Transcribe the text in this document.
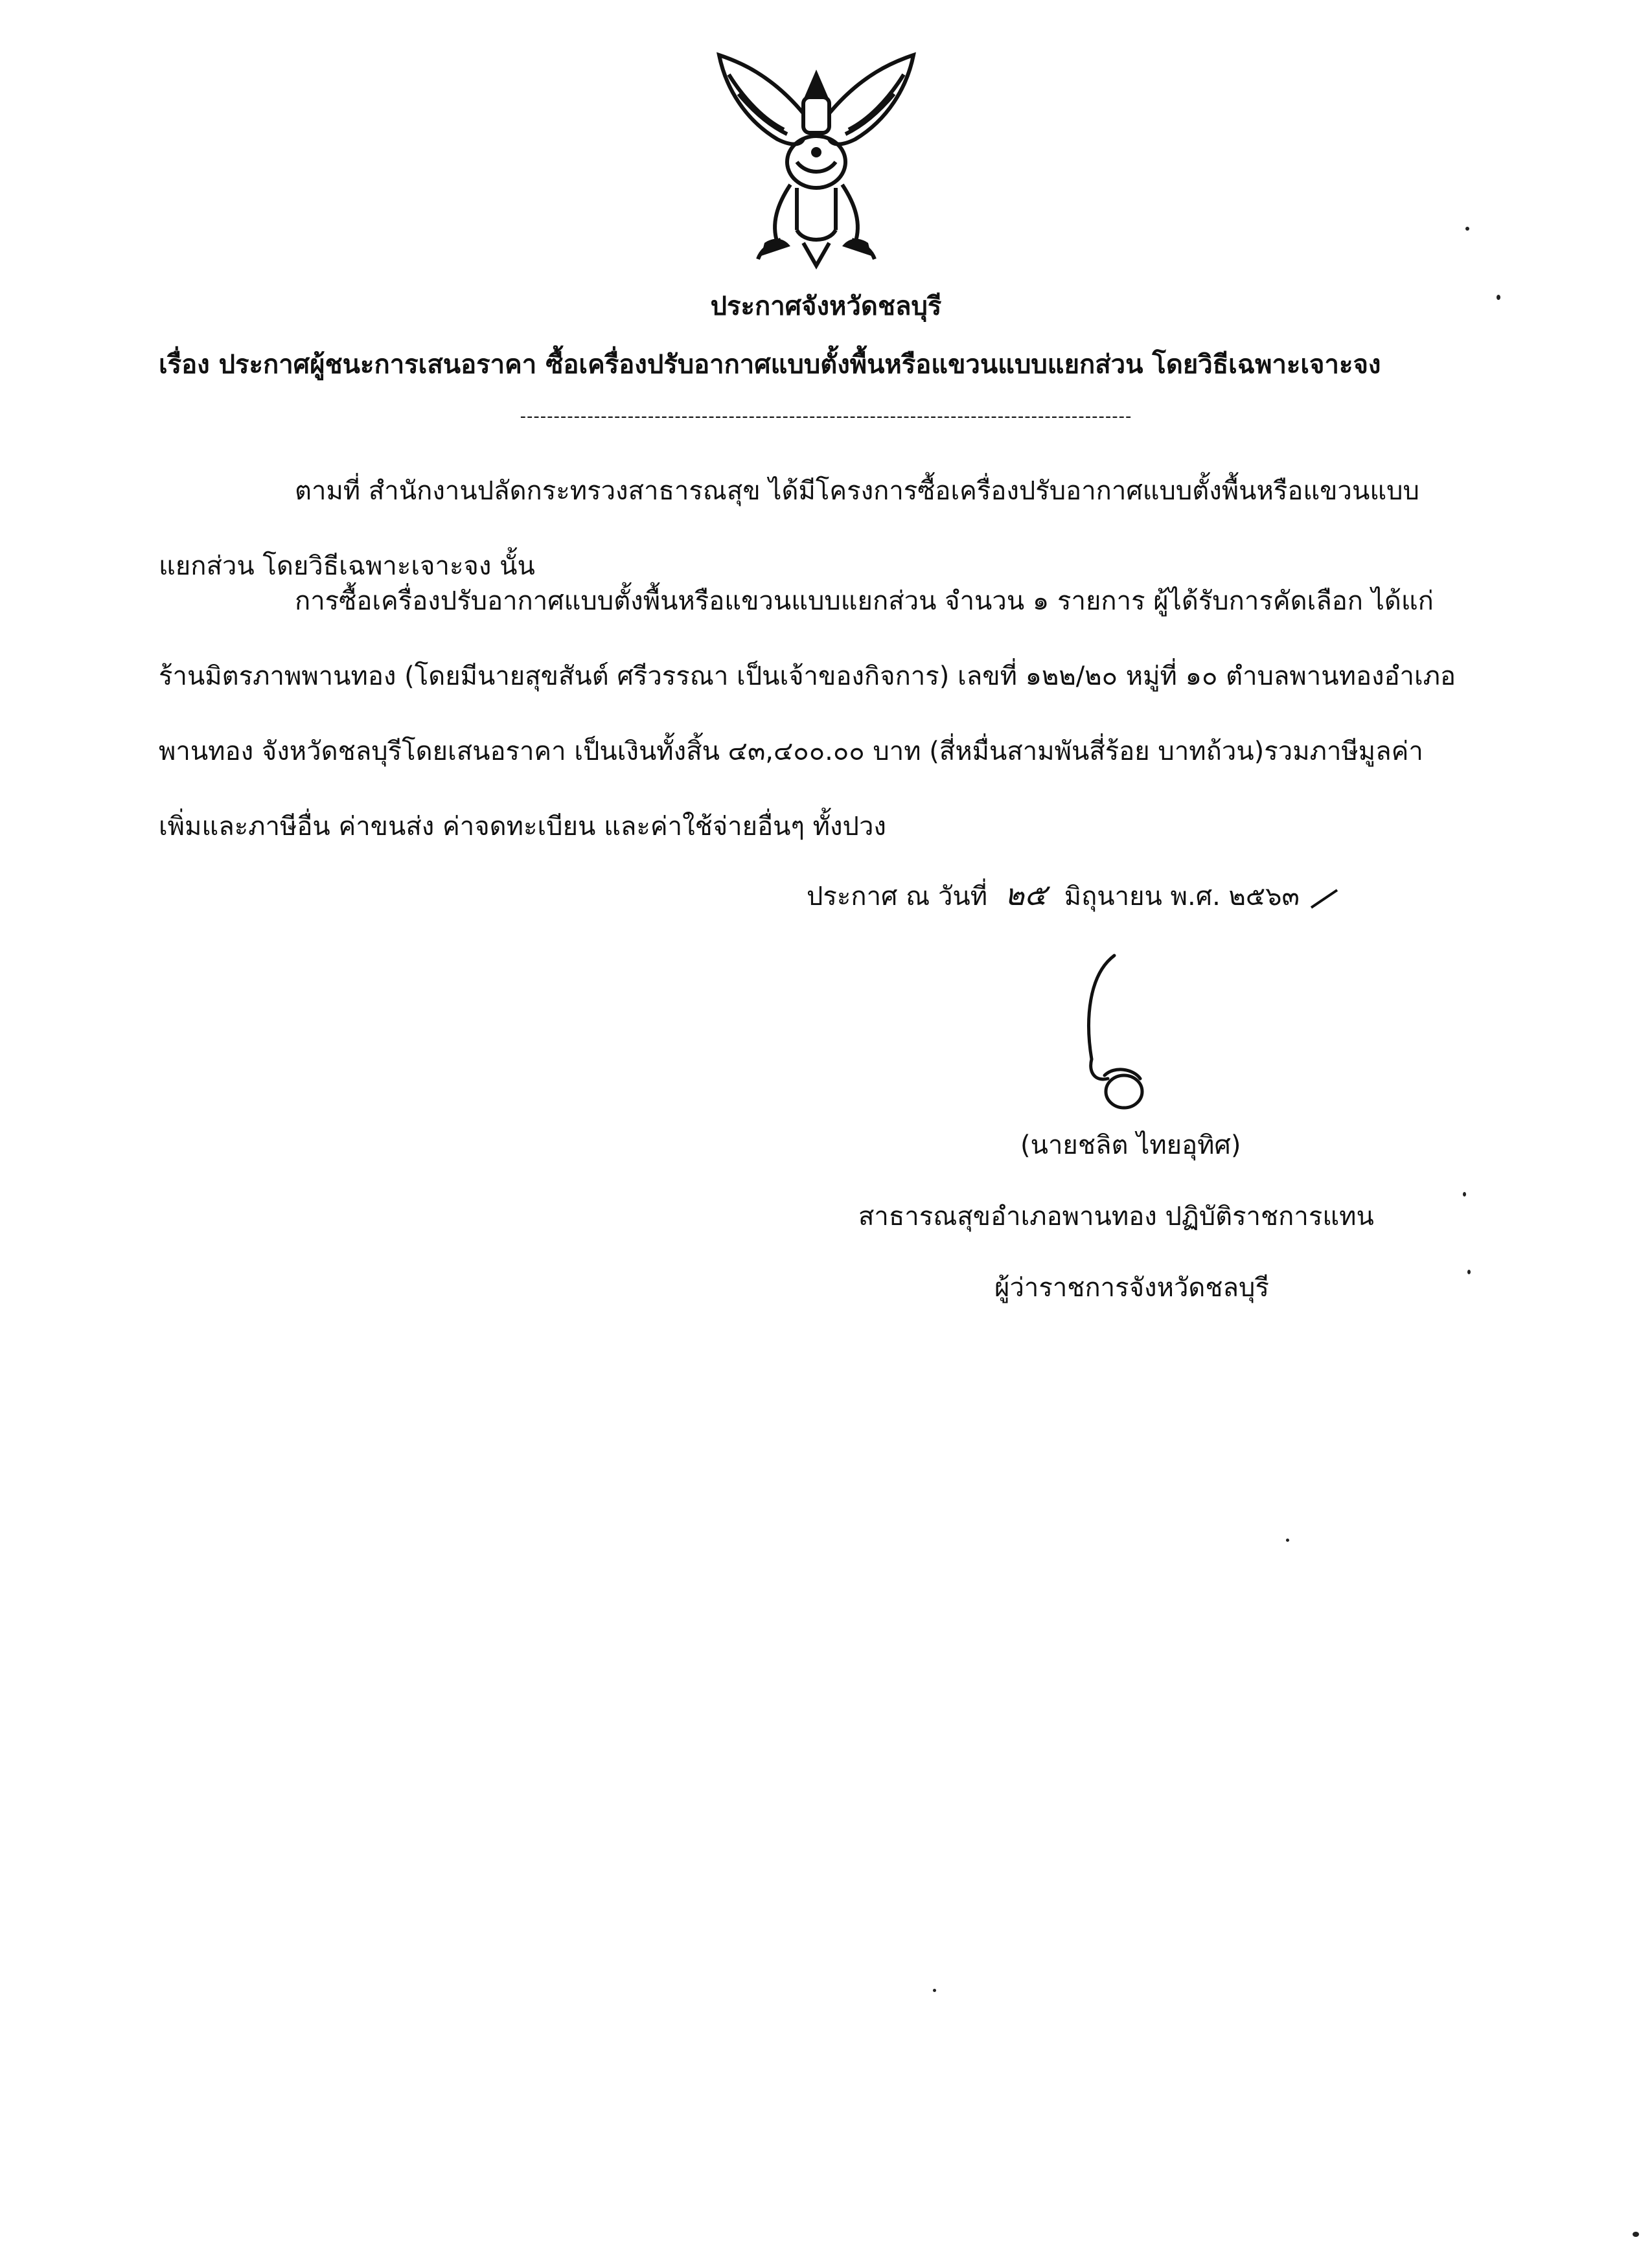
ประกาศจังหวัดชลบุรี
เรื่อง ประกาศผู้ชนะการเสนอราคา ซื้อเครื่องปรับอากาศแบบตั้งพื้นหรือแขวนแบบแยกส่วน โดยวิธีเฉพาะเจาะจง
-------------------------------------------------------------------------------------------
ตามที่ สำนักงานปลัดกระทรวงสาธารณสุข ได้มีโครงการซื้อเครื่องปรับอากาศแบบตั้งพื้นหรือแขวนแบบ แยกส่วน โดยวิธีเฉพาะเจาะจง นั้น
การซื้อเครื่องปรับอากาศแบบตั้งพื้นหรือแขวนแบบแยกส่วน จำนวน ๑ รายการ ผู้ได้รับการคัดเลือก ได้แก่ ร้านมิตรภาพพานทอง (โดยมีนายสุขสันต์ ศรีวรรณา เป็นเจ้าของกิจการ) เลขที่ ๑๒๒/๒๐ หมู่ที่ ๑๐ ตำบลพานทองอำเภอพานทอง จังหวัดชลบุรีโดยเสนอราคา เป็นเงินทั้งสิ้น ๔๓,๔๐๐.๐๐ บาท (สี่หมื่นสามพันสี่ร้อย บาทถ้วน)รวมภาษีมูลค่าเพิ่มและภาษีอื่น ค่าขนส่ง ค่าจดทะเบียน และค่าใช้จ่ายอื่นๆ ทั้งปวง
ประกาศ ณ วันที่ ๒๕ มิถุนายน พ.ศ. ๒๕๖๓
(นายชลิต ไทยอุทิศ)
สาธารณสุขอำเภอพานทอง ปฏิบัติราชการแทน
ผู้ว่าราชการจังหวัดชลบุรี
